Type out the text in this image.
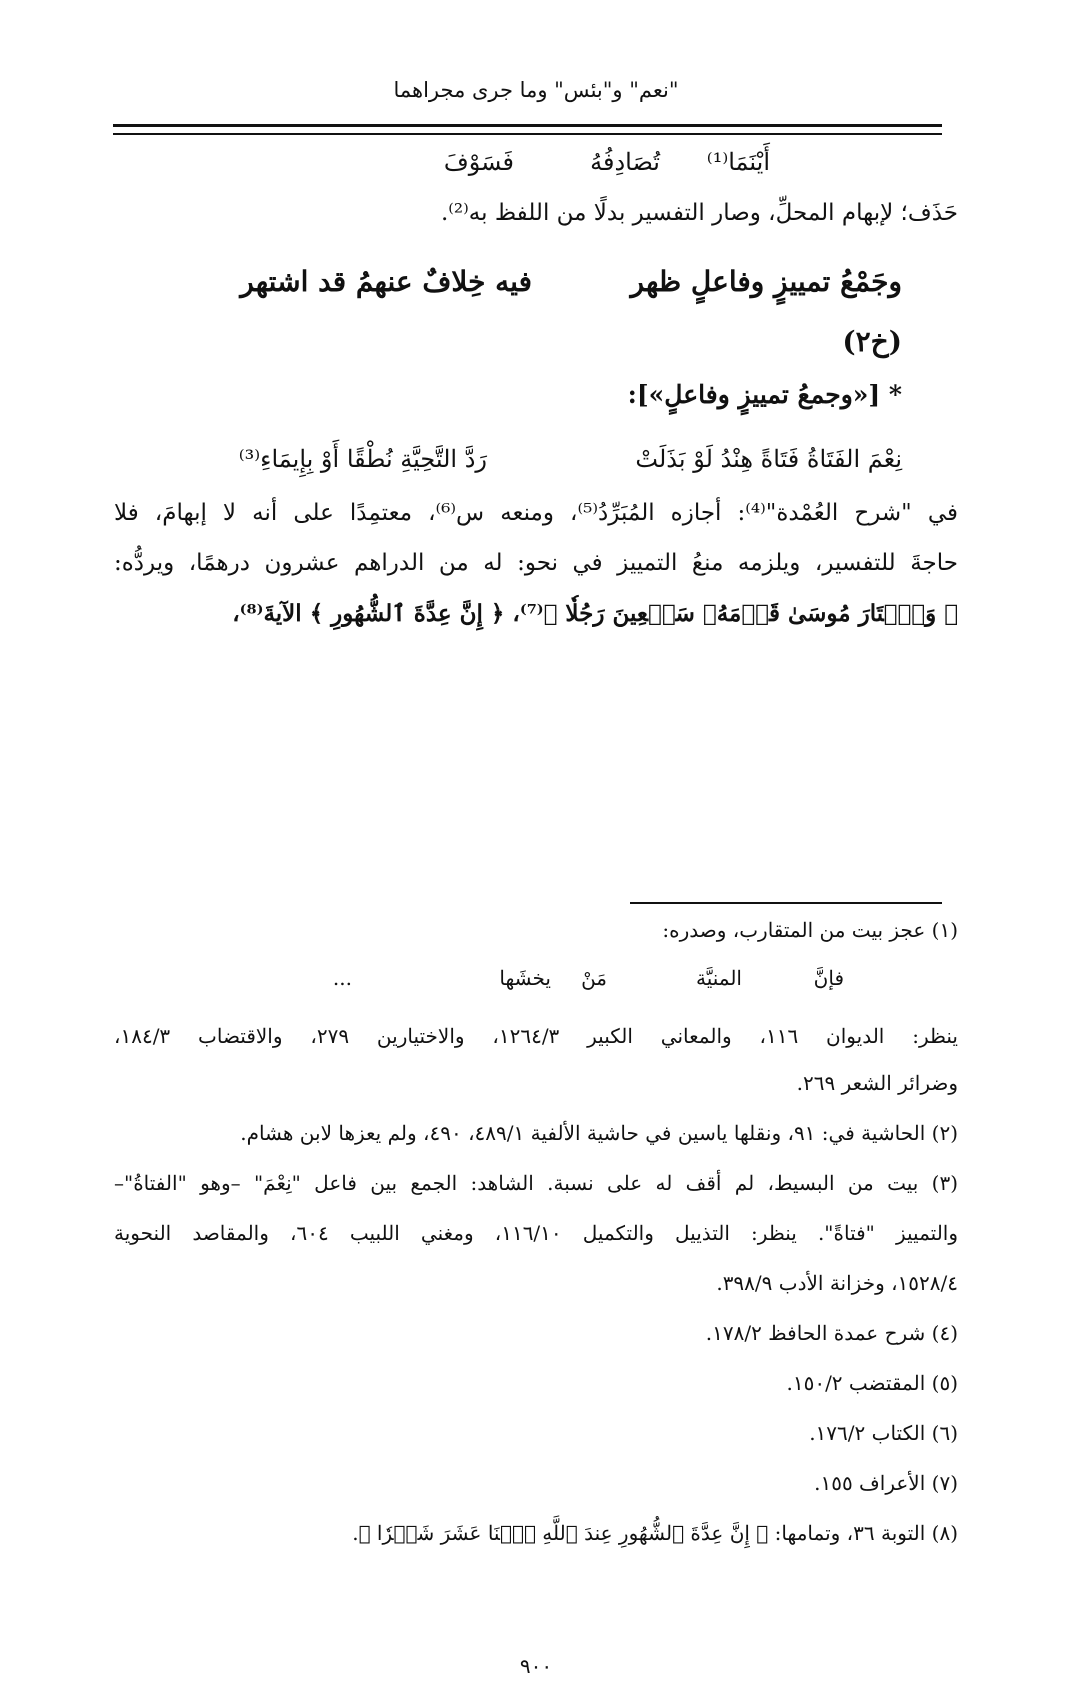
"نعم" و"بئس" وما جرى مجراهما
فَسَوْفَ	تُصَادِفُهُ أَيْنَمَا⁽¹⁾
حَذَف؛ لإبهام المحلِّ، وصار التفسير بدلًا من اللفظ به⁽²⁾.
وجَمْعُ تمييزٍ وفاعلٍ ظهر
فيه خِلافٌ عنهمُ قد اشتهر
(خ٢)
* [«وجمعُ تمييزٍ وفاعلٍ»]:
نِعْمَ الفَتَاةُ فَتَاةً هِنْدُ لَوْ بَذَلَتْ
رَدَّ التَّحِيَّةِ نُطْقًا أَوْ بِإِيمَاءِ⁽³⁾
في "شرح العُمْدة"⁽⁴⁾: أجازه المُبَرِّدُ⁽⁵⁾، ومنعه س⁽⁶⁾، معتمِدًا على أنه لا إبهامَ، فلا
حاجةَ للتفسير، ويلزمه منعُ التمييز في نحو: له من الدراهم عشرون درهمًا، ويردُّه:
﴿ وَٱخۡتَارَ مُوسَىٰ قَوۡمَهُۥ سَبۡعِينَ رَجُلٗا ﴾⁽⁷⁾، ﴿ إِنَّ عِدَّةَ ٱلشُّهُورِ ﴾ الآيةَ⁽⁸⁾،
(١) عجز بيت من المتقارب، وصدره:
فإنَّ
المنيَّة
مَنْ
يخشَها
...
ينظر: الديوان ١١٦، والمعاني الكبير ١٢٦٤/٣، والاختيارين ٢٧٩، والاقتضاب ١٨٤/٣،
وضرائر الشعر ٢٦٩.
(٢) الحاشية في: ٩١، ونقلها ياسين في حاشية الألفية ٤٨٩/١، ٤٩٠، ولم يعزها لابن هشام.
(٣) بيت من البسيط، لم أقف له على نسبة. الشاهد: الجمع بين فاعل "نِعْمَ" –وهو "الفتاةُ"–
والتمييز "فتاةً". ينظر: التذييل والتكميل ١١٦/١٠، ومغني اللبيب ٦٠٤، والمقاصد النحوية
١٥٢٨/٤، وخزانة الأدب ٣٩٨/٩.
(٤) شرح عمدة الحافظ ١٧٨/٢.
(٥) المقتضب ١٥٠/٢.
(٦) الكتاب ١٧٦/٢.
(٧) الأعراف ١٥٥.
(٨) التوبة ٣٦، وتمامها: ﴿ إِنَّ عِدَّةَ ٱلشُّهُورِ عِندَ ٱللَّهِ ٱثۡنَا عَشَرَ شَهۡرٗا ﴾.
٩٠٠
